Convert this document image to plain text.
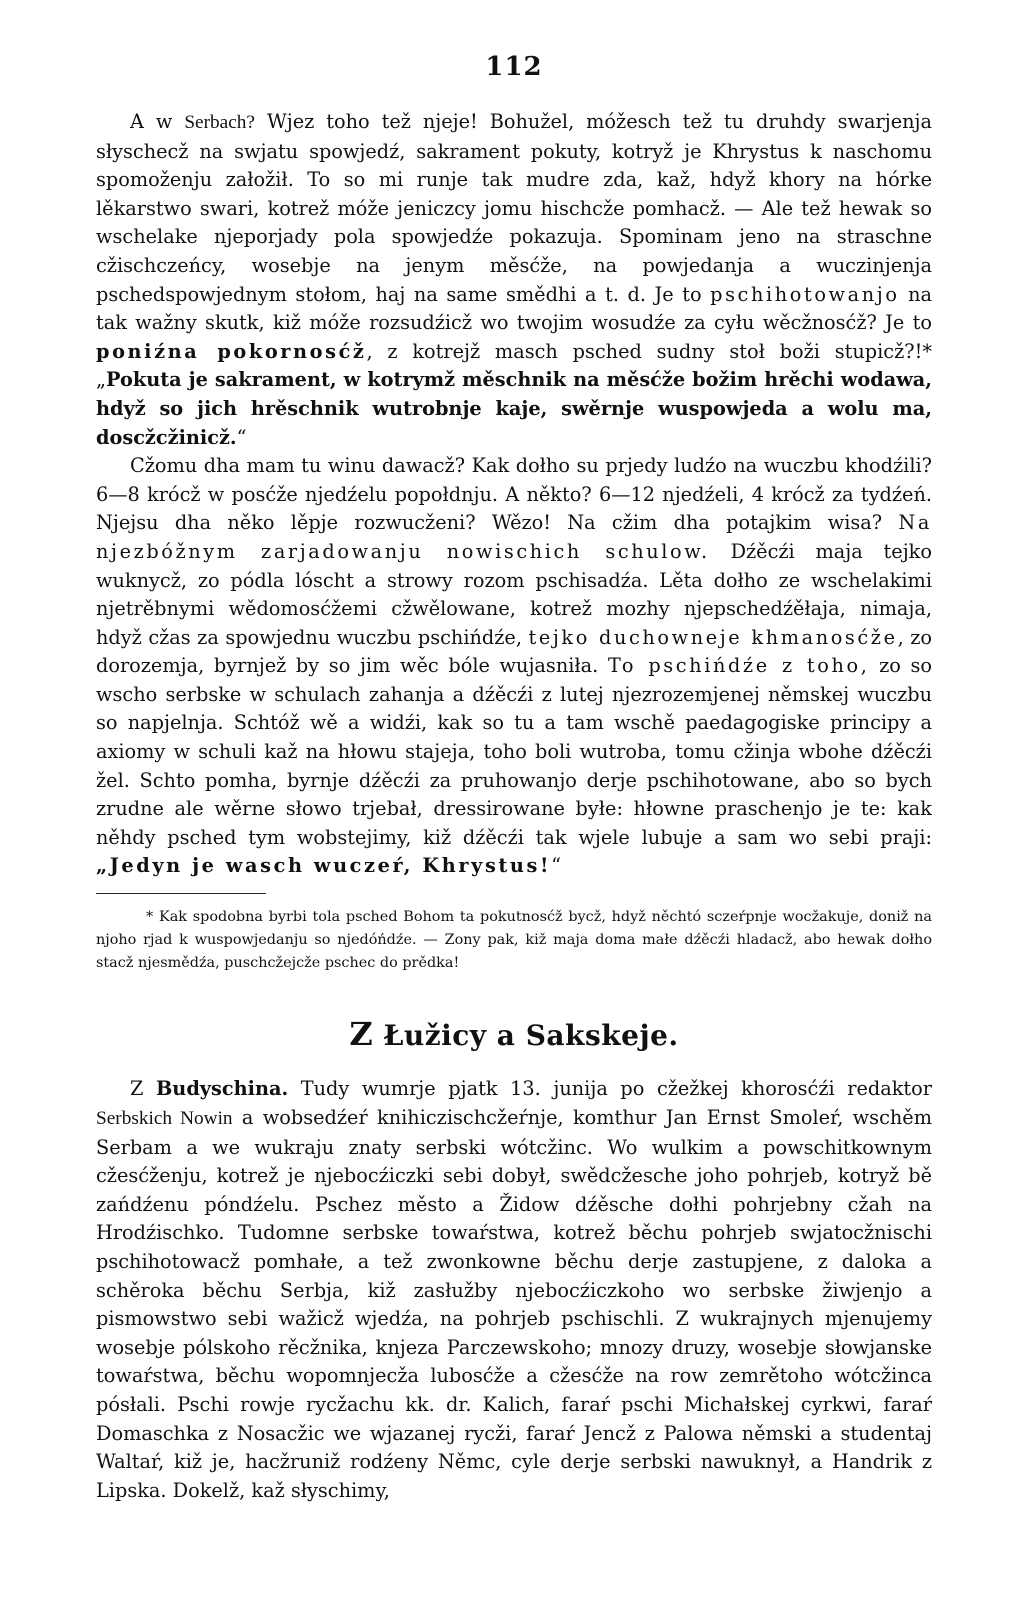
112

A w Serbach? Wjez toho tež njeje! Bohužel, móžesch tež tu druhdy swarjenja słyschecž na swjatu spowjedź, sakrament pokuty, kotryž je Khrystus k naschomu spomoženju załožił. To so mi runje tak mudre zda, kaž, hdyž khory na hórke lěkarstwo swari, kotrež móže jeniczcy jomu hischcže pomhacž. — Ale tež hewak so wschelake njeporjady pola spowjedźe pokazuja. Spominam jeno na straschne cžischczeńcy, wosebje na jenym měsćže, na powjedanja a wuczinjenja pschedspowjednym stołom, haj na same smědhi a t. d. Je to pschihotowanjo na tak wažny skutk, kiž móže rozsudźicž wo twojim wosudźe za cyłu wěcžnosćž? Je to poniźna pokornosćž, z kotrejž masch psched sudny stoł boži stupicž?!* „Pokuta je sakrament, w kotrymž měschnik na měsćže božim hrěchi wodawa, hdyž so jich hrěschnik wutrobnje kaje, swěrnje wuspowjeda a wolu ma, doscžcžinicž.“

Cžomu dha mam tu winu dawacž? Kak dołho su prjedy ludźo na wuczbu khodźili? 6—8 krócž w posćže njedźelu popołdnju. A někto? 6—12 njedźeli, 4 krócž za tydźeń. Njejsu dha něko lěpje rozwucženi? Wězo! Na cžim dha potajkim wisa? Na njezbóžnym zarjadowanju nowischich schulow. Dźěcźi maja tejko wuknycž, zo pódla lóscht a strowy rozom pschisadźa. Lěta dołho ze wschelakimi njetrěbnymi wědomosćžemi cžwělowane, kotrež mozhy njepschedźěłaja, nimaja, hdyž cžas za spowjednu wuczbu pschińdźe, tejko duchowneje khmanosćže, zo dorozemja, byrnjež by so jim wěc bóle wujasniła. To pschińdźe z toho, zo so wscho serbske w schulach zahanja a dźěcźi z lutej njezrozemjenej němskej wuczbu so napjelnja. Schtóž wě a widźi, kak so tu a tam wschě paedagogiske principy a axiomy w schuli kaž na hłowu stajeja, toho boli wutroba, tomu cžinja wbohe dźěcźi žel. Schto pomha, byrnje dźěcźi za pruhowanjo derje pschihotowane, abo so bych zrudne ale wěrne słowo trjebał, dressirowane byłe: hłowne praschenjo je te: kak něhdy psched tym wobstejimy, kiž dźěcźi tak wjele lubuje a sam wo sebi praji: „Jedyn je wasch wuczeŕ, Khrystus!“

* Kak spodobna byrbi tola psched Bohom ta pokutnosćž bycž, hdyž něchtó sczeŕpnje wocžakuje, doniž na njoho rjad k wuspowjedanju so njedóńdźe. — Zony pak, kiž maja doma małe dźěcźi hladacž, abo hewak dołho stacž njesmědźa, puschcžejcže pschec do prědka!

Z Łužicy a Sakskeje.

Z Budyschina. Tudy wumrje pjatk 13. junija po cžežkej khorosćźi redaktor Serbskich Nowin a wobsedźeŕ knihiczischcžeŕnje, komthur Jan Ernst Smoleŕ, wschěm Serbam a we wukraju znaty serbski wótcžinc. Wo wulkim a powschitkownym cžesćženju, kotrež je njebocźiczki sebi dobył, swědcžesche joho pohrjeb, kotryž bě zańdźenu póndźelu. Pschez město a Židow dźěsche dołhi pohrjebny cžah na Hrodźischko. Tudomne serbske towaŕstwa, kotrež běchu pohrjeb swjatocžnischi pschihotowacž pomhałe, a tež zwonkowne běchu derje zastupjene, z daloka a schěroka běchu Serbja, kiž zasłužby njebocźiczkoho wo serbske žiwjenjo a pismowstwo sebi wažicž wjedźa, na pohrjeb pschischli. Z wukrajnych mjenujemy wosebje pólskoho rěcžnika, knjeza Parczewskoho; mnozy druzy, wosebje słowjanske towaŕstwa, běchu wopomnjecža lubosćže a cžesćže na row zemrětoho wótcžinca pósłali. Pschi rowje rycžachu kk. dr. Kalich, faraŕ pschi Michałskej cyrkwi, faraŕ Domaschka z Nosacžic we wjazanej rycži, faraŕ Jencž z Palowa němski a studentaj Waltaŕ, kiž je, hacžruniž rodźeny Němc, cyle derje serbski nawuknył, a Handrik z Lipska. Dokelž, kaž słyschimy,
